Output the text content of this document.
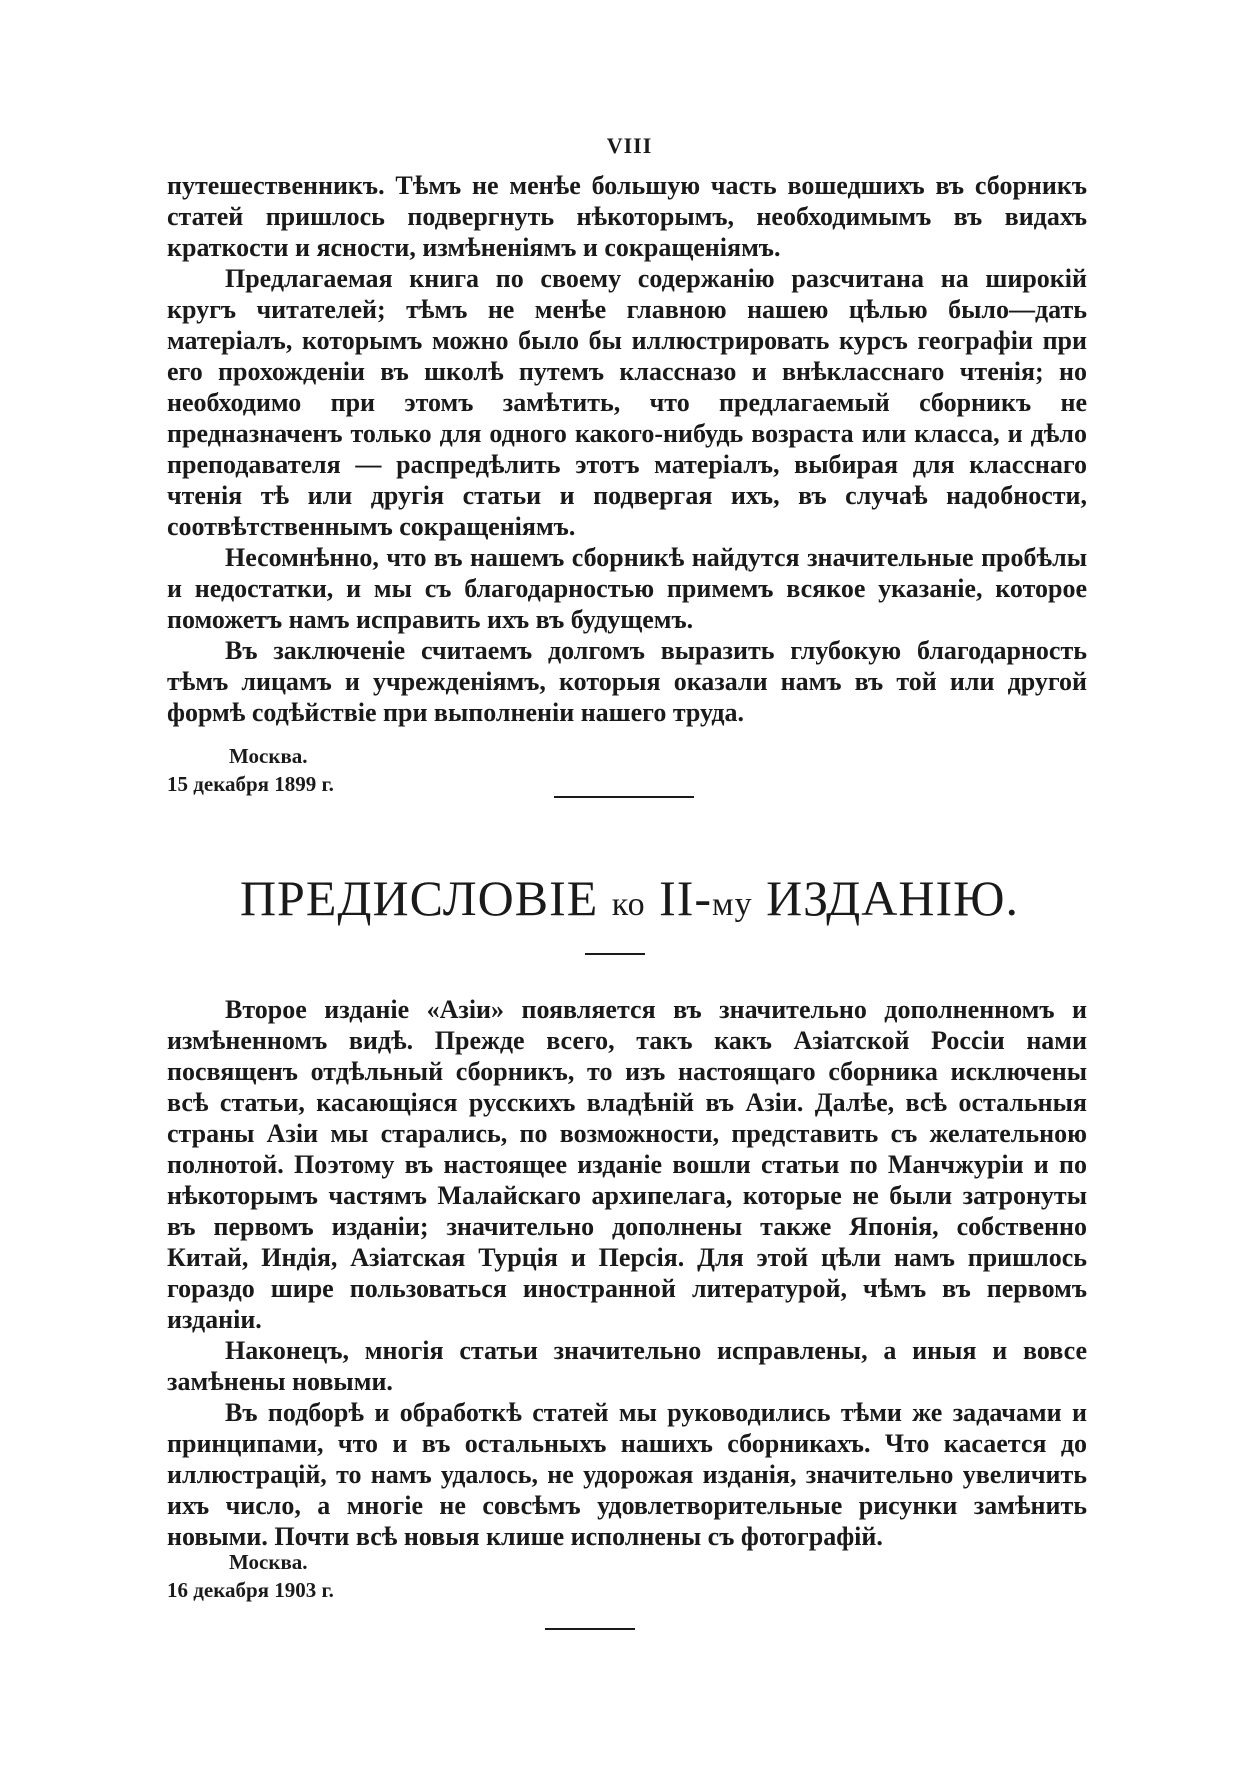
VIII

путешественникъ. Тѣмъ не менѣе большую часть вошедшихъ въ сборникъ статей пришлось подвергнуть нѣкоторымъ, необходимымъ въ видахъ краткости и ясности, измѣненіямъ и сокращеніямъ.

Предлагаемая книга по своему содержанію разсчитана на широкій кругъ читателей; тѣмъ не менѣе главною нашею цѣлью было—дать матеріалъ, которымъ можно было бы иллюстрировать курсъ географіи при его прохожденіи въ школѣ путемъ классназо и внѣкласснаго чтенія; но необходимо при этомъ замѣтить, что предлагаемый сборникъ не предназначенъ только для одного какого-нибудь возраста или класса, и дѣло преподавателя — распредѣлить этотъ матеріалъ, выбирая для класснаго чтенія тѣ или другія статьи и подвергая ихъ, въ случаѣ надобности, соотвѣтственнымъ сокращеніямъ.

Несомнѣнно, что въ нашемъ сборникѣ найдутся значительные пробѣлы и недостатки, и мы съ благодарностью примемъ всякое указаніе, которое поможетъ намъ исправить ихъ въ будущемъ.

Въ заключеніе считаемъ долгомъ выразить глубокую благодарность тѣмъ лицамъ и учрежденіямъ, которыя оказали намъ въ той или другой формѣ содѣйствіе при выполненіи нашего труда.

Москва.
15 декабря 1899 г.
ПРЕДИСЛОВІЕ ко II-му ИЗДАНІЮ.

Второе изданіе «Азіи» появляется въ значительно дополненномъ и измѣненномъ видѣ. Прежде всего, такъ какъ Азіатской Россіи нами посвященъ отдѣльный сборникъ, то изъ настоящаго сборника исключены всѣ статьи, касающіяся русскихъ владѣній въ Азіи. Далѣе, всѣ остальныя страны Азіи мы старались, по возможности, представить съ желательною полнотой. Поэтому въ настоящее изданіе вошли статьи по Манчжуріи и по нѣкоторымъ частямъ Малайскаго архипелага, которые не были затронуты въ первомъ изданіи; значительно дополнены также Японія, собственно Китай, Индія, Азіатская Турція и Персія. Для этой цѣли намъ пришлось гораздо шире пользоваться иностранной литературой, чѣмъ въ первомъ изданіи.

Наконецъ, многія статьи значительно исправлены, а иныя и вовсе замѣнены новыми.

Въ подборѣ и обработкѣ статей мы руководились тѣми же задачами и принципами, что и въ остальныхъ нашихъ сборникахъ. Что касается до иллюстрацій, то намъ удалось, не удорожая изданія, значительно увеличить ихъ число, а многіе не совсѣмъ удовлетворительные рисунки замѣнить новыми. Почти всѣ новыя клише исполнены съ фотографій.

Москва.
16 декабря 1903 г.
